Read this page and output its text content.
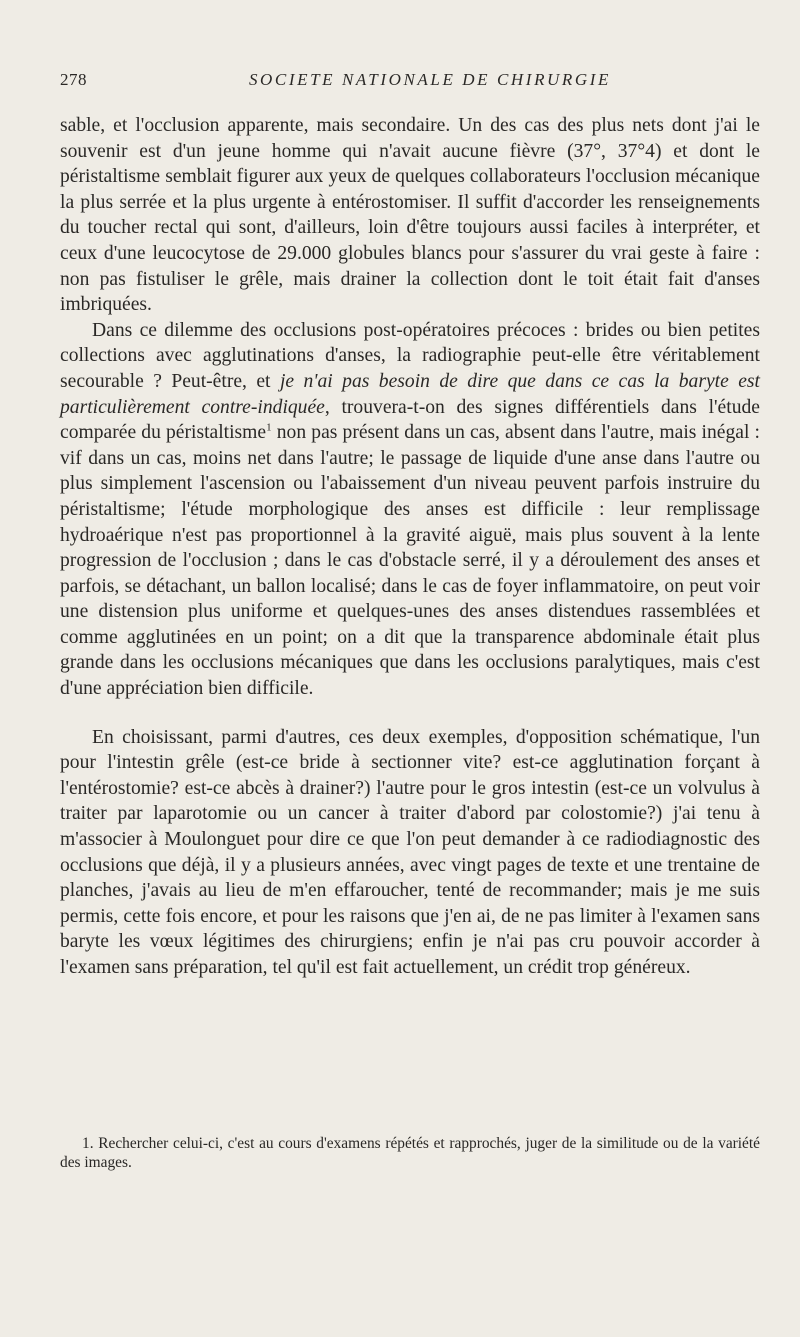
278	SOCIETE NATIONALE DE CHIRURGIE

sable, et l'occlusion apparente, mais secondaire. Un des cas des plus nets dont j'ai le souvenir est d'un jeune homme qui n'avait aucune fièvre (37°, 37°4) et dont le péristaltisme semblait figurer aux yeux de quelques collaborateurs l'occlusion mécanique la plus serrée et la plus urgente à entérostomiser. Il suffit d'accorder les renseignements du toucher rectal qui sont, d'ailleurs, loin d'être toujours aussi faciles à interpréter, et ceux d'une leucocytose de 29.000 globules blancs pour s'assurer du vrai geste à faire : non pas fistuliser le grêle, mais drainer la collection dont le toit était fait d'anses imbriquées.

Dans ce dilemme des occlusions post-opératoires précoces : brides ou bien petites collections avec agglutinations d'anses, la radiographie peut-elle être véritablement secourable ? Peut-être, et je n'ai pas besoin de dire que dans ce cas la baryte est particulièrement contre-indiquée, trouvera-t-on des signes différentiels dans l'étude comparée du péristaltisme$^1$ non pas présent dans un cas, absent dans l'autre, mais inégal : vif dans un cas, moins net dans l'autre; le passage de liquide d'une anse dans l'autre ou plus simplement l'ascension ou l'abaissement d'un niveau peuvent parfois instruire du péristaltisme; l'étude morphologique des anses est difficile : leur remplissage hydroaérique n'est pas proportionnel à la gravité aiguë, mais plus souvent à la lente progression de l'occlusion ; dans le cas d'obstacle serré, il y a déroulement des anses et parfois, se détachant, un ballon localisé; dans le cas de foyer inflammatoire, on peut voir une distension plus uniforme et quelques-unes des anses distendues rassemblées et comme agglutinées en un point; on a dit que la transparence abdominale était plus grande dans les occlusions mécaniques que dans les occlusions paralytiques, mais c'est d'une appréciation bien difficile.

En choisissant, parmi d'autres, ces deux exemples, d'opposition schématique, l'un pour l'intestin grêle (est-ce bride à sectionner vite? est-ce agglutination forçant à l'entérostomie? est-ce abcès à drainer?) l'autre pour le gros intestin (est-ce un volvulus à traiter par laparotomie ou un cancer à traiter d'abord par colostomie?) j'ai tenu à m'associer à Moulonguet pour dire ce que l'on peut demander à ce radiodiagnostic des occlusions que déjà, il y a plusieurs années, avec vingt pages de texte et une trentaine de planches, j'avais au lieu de m'en effaroucher, tenté de recommander; mais je me suis permis, cette fois encore, et pour les raisons que j'en ai, de ne pas limiter à l'examen sans baryte les vœux légitimes des chirurgiens; enfin je n'ai pas cru pouvoir accorder à l'examen sans préparation, tel qu'il est fait actuellement, un crédit trop généreux.

1. Rechercher celui-ci, c'est au cours d'examens répétés et rapprochés, juger de la similitude ou de la variété des images.
